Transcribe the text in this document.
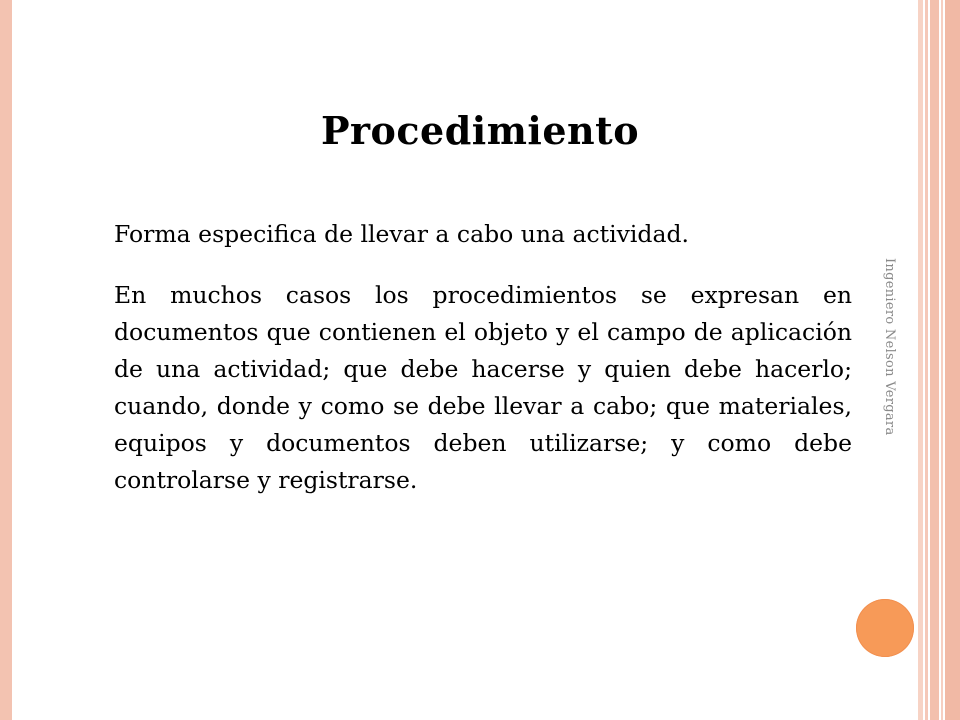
Procedimiento

Forma especifica de llevar a cabo una actividad.

En muchos casos los procedimientos se expresan en documentos que contienen el objeto y el campo de aplicación de una actividad; que debe hacerse y quien debe hacerlo; cuando, donde y como se debe llevar a cabo; que materiales, equipos y documentos deben utilizarse; y como debe controlarse y registrarse.

Ingeniero Nelson Vergara
